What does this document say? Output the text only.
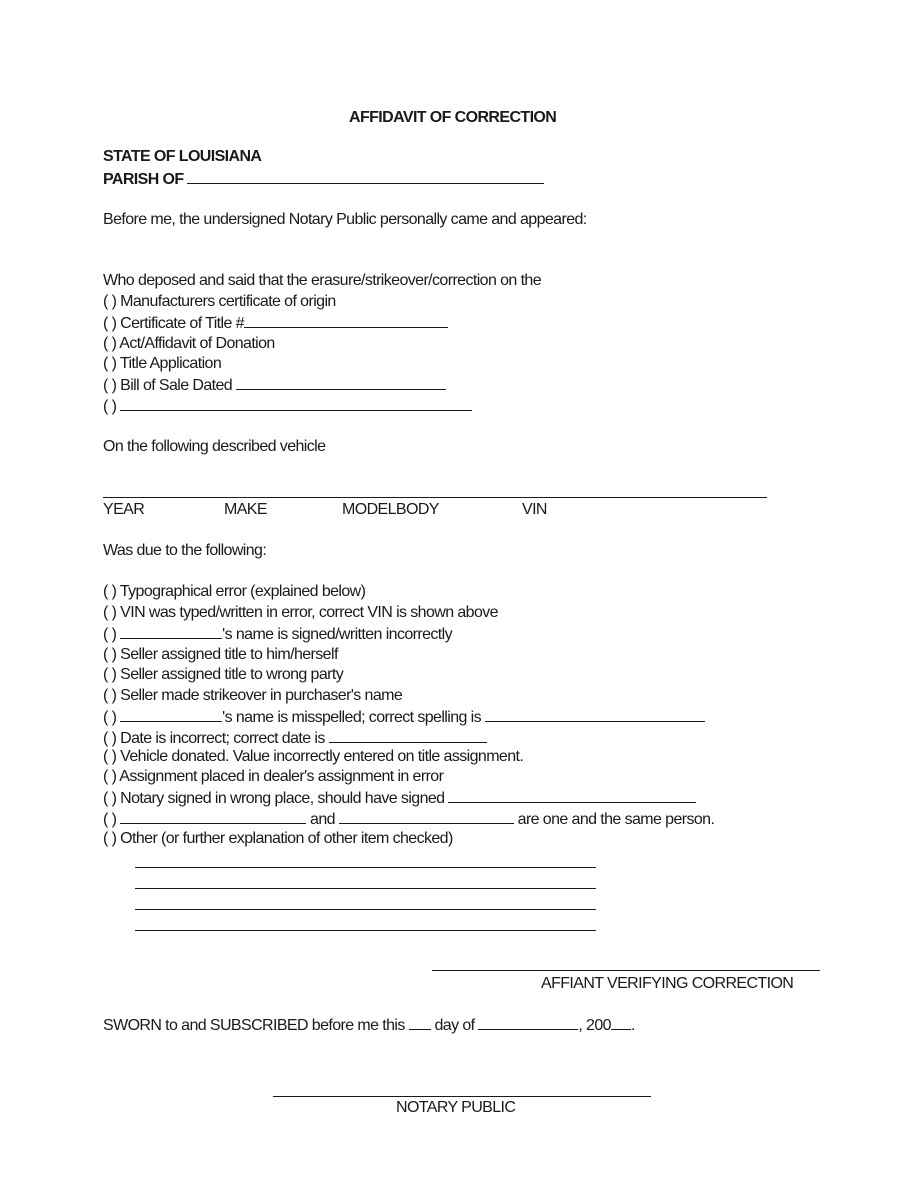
AFFIDAVIT OF CORRECTION
STATE OF LOUISIANA
PARISH OF
Before me, the undersigned Notary Public personally came and appeared:
Who deposed and said that the erasure/strikeover/correction on the
( ) Manufacturers certificate of origin
( ) Certificate of Title #
( ) Act/Affidavit of Donation
( ) Title Application
( ) Bill of Sale Dated
( )
On the following described vehicle
YEAR	MAKE	MODELBODY	VIN
Was due to the following:
( ) Typographical error (explained below)
( ) VIN was typed/written in error, correct VIN is shown above
( )	's name is signed/written incorrectly
( ) Seller assigned title to him/herself
( ) Seller assigned title to wrong party
( ) Seller made strikeover in purchaser's name
( )	's name is misspelled; correct spelling is
( ) Date is incorrect; correct date is
( ) Vehicle donated. Value incorrectly entered on title assignment.
( ) Assignment placed in dealer's assignment in error
( ) Notary signed in wrong place, should have signed
( )	and	are one and the same person.
( ) Other (or further explanation of other item checked)
AFFIANT VERIFYING CORRECTION
SWORN to and SUBSCRIBED before me this day of	, 200 .
NOTARY PUBLIC
